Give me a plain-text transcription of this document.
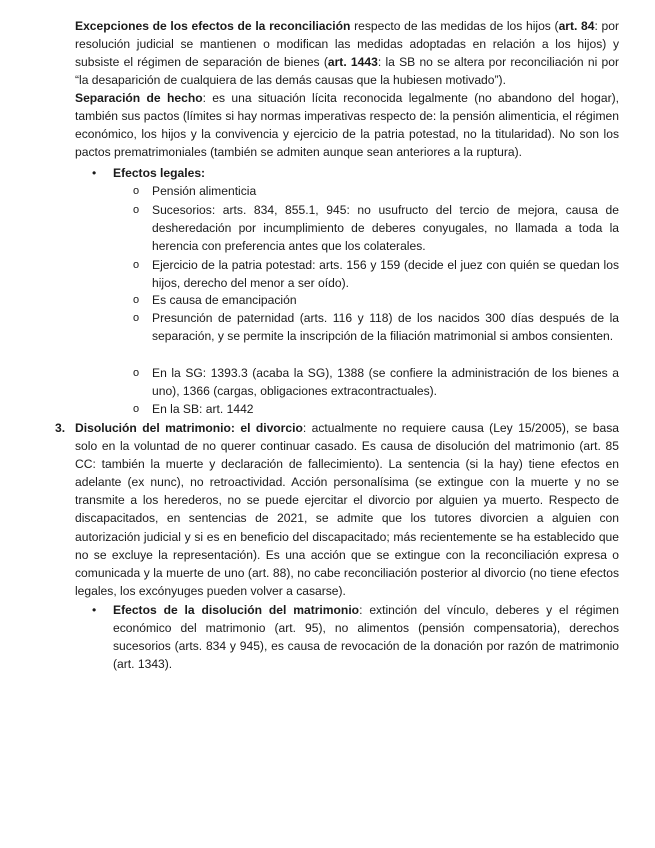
Excepciones de los efectos de la reconciliación respecto de las medidas de los hijos (art. 84: por resolución judicial se mantienen o modifican las medidas adoptadas en relación a los hijos) y subsiste el régimen de separación de bienes (art. 1443: la SB no se altera por reconciliación ni por “la desaparición de cualquiera de las demás causas que la hubiesen motivado”).

Separación de hecho: es una situación lícita reconocida legalmente (no abandono del hogar), también sus pactos (límites si hay normas imperativas respecto de: la pensión alimenticia, el régimen económico, los hijos y la convivencia y ejercicio de la patria potestad, no la titularidad). No son los pactos prematrimoniales (también se admiten aunque sean anteriores a la ruptura).

• Efectos legales:

o Pensión alimenticia

o Sucesorios: arts. 834, 855.1, 945: no usufructo del tercio de mejora, causa de desheredación por incumplimiento de deberes conyugales, no llamada a toda la herencia con preferencia antes que los colaterales.

o Ejercicio de la patria potestad: arts. 156 y 159 (decide el juez con quién se quedan los hijos, derecho del menor a ser oído).

o Es causa de emancipación

o Presunción de paternidad (arts. 116 y 118) de los nacidos 300 días después de la separación, y se permite la inscripción de la filiación matrimonial si ambos consienten.

o En la SG: 1393.3 (acaba la SG), 1388 (se confiere la administración de los bienes a uno), 1366 (cargas, obligaciones extracontractuales).

o En la SB: art. 1442

3. Disolución del matrimonio: el divorcio: actualmente no requiere causa (Ley 15/2005), se basa solo en la voluntad de no querer continuar casado. Es causa de disolución del matrimonio (art. 85 CC: también la muerte y declaración de fallecimiento). La sentencia (si la hay) tiene efectos en adelante (ex nunc), no retroactividad. Acción personalísima (se extingue con la muerte y no se transmite a los herederos, no se puede ejercitar el divorcio por alguien ya muerto. Respecto de discapacitados, en sentencias de 2021, se admite que los tutores divorcien a alguien con autorización judicial y si es en beneficio del discapacitado; más recientemente se ha establecido que no se excluye la representación). Es una acción que se extingue con la reconciliación expresa o comunicada y la muerte de uno (art. 88), no cabe reconciliación posterior al divorcio (no tiene efectos legales, los excónyuges pueden volver a casarse).

• Efectos de la disolución del matrimonio: extinción del vínculo, deberes y el régimen económico del matrimonio (art. 95), no alimentos (pensión compensatoria), derechos sucesorios (arts. 834 y 945), es causa de revocación de la donación por razón de matrimonio (art. 1343).
